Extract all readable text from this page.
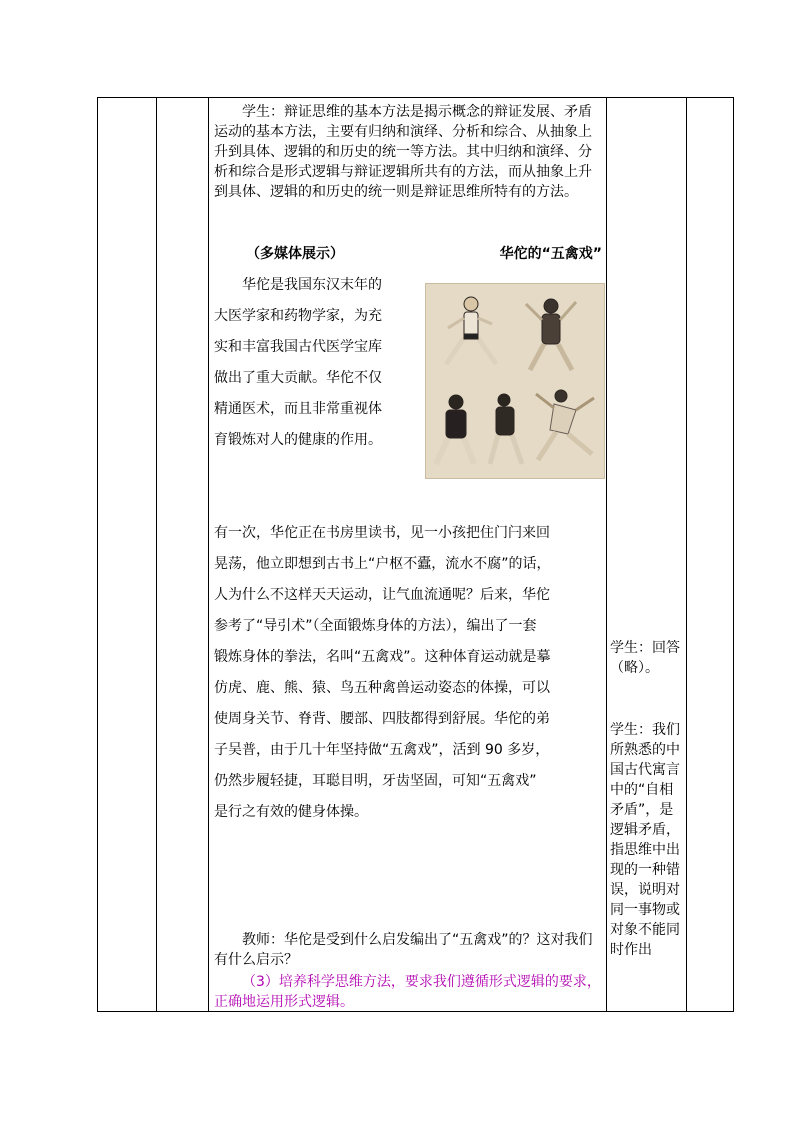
学生：辩证思维的基本方法是揭示概念的辩证发展、矛盾运动的基本方法，主要有归纳和演绎、分析和综合、从抽象上升到具体、逻辑的和历史的统一等方法。其中归纳和演绎、分析和综合是形式逻辑与辩证逻辑所共有的方法，而从抽象上升到具体、逻辑的和历史的统一则是辩证思维所特有的方法。
（多媒体展示）	华佗的“五禽戏”
华佗是我国东汉末年的
大医学家和药物学家，为充
实和丰富我国古代医学宝库
做出了重大贡献。华佗不仅
精通医术，而且非常重视体
育锻炼对人的健康的作用。
有一次，华佗正在书房里读书，见一小孩把住门闩来回
晃荡，他立即想到古书上“户枢不蠹，流水不腐”的话，
人为什么不这样天天运动，让气血流通呢？后来，华佗
参考了“导引术”（全面锻炼身体的方法），编出了一套
锻炼身体的拳法，名叫“五禽戏”。这种体育运动就是摹
仿虎、鹿、熊、猿、鸟五种禽兽运动姿态的体操，可以
使周身关节、脊背、腰部、四肢都得到舒展。华佗的弟
子吴普，由于几十年坚持做“五禽戏”，活到 90 多岁，
仍然步履轻捷，耳聪目明，牙齿坚固，可知“五禽戏”
是行之有效的健身体操。
教师：华佗是受到什么启发编出了“五禽戏”的？这对我们有什么启示？
（3）培养科学思维方法，要求我们遵循形式逻辑的要求，正确地运用形式逻辑。
学生：回答（略）。
学生：我们所熟悉的中国古代寓言中的“自相矛盾”，是逻辑矛盾，指思维中出现的一种错误，说明对同一事物或对象不能同时作出
